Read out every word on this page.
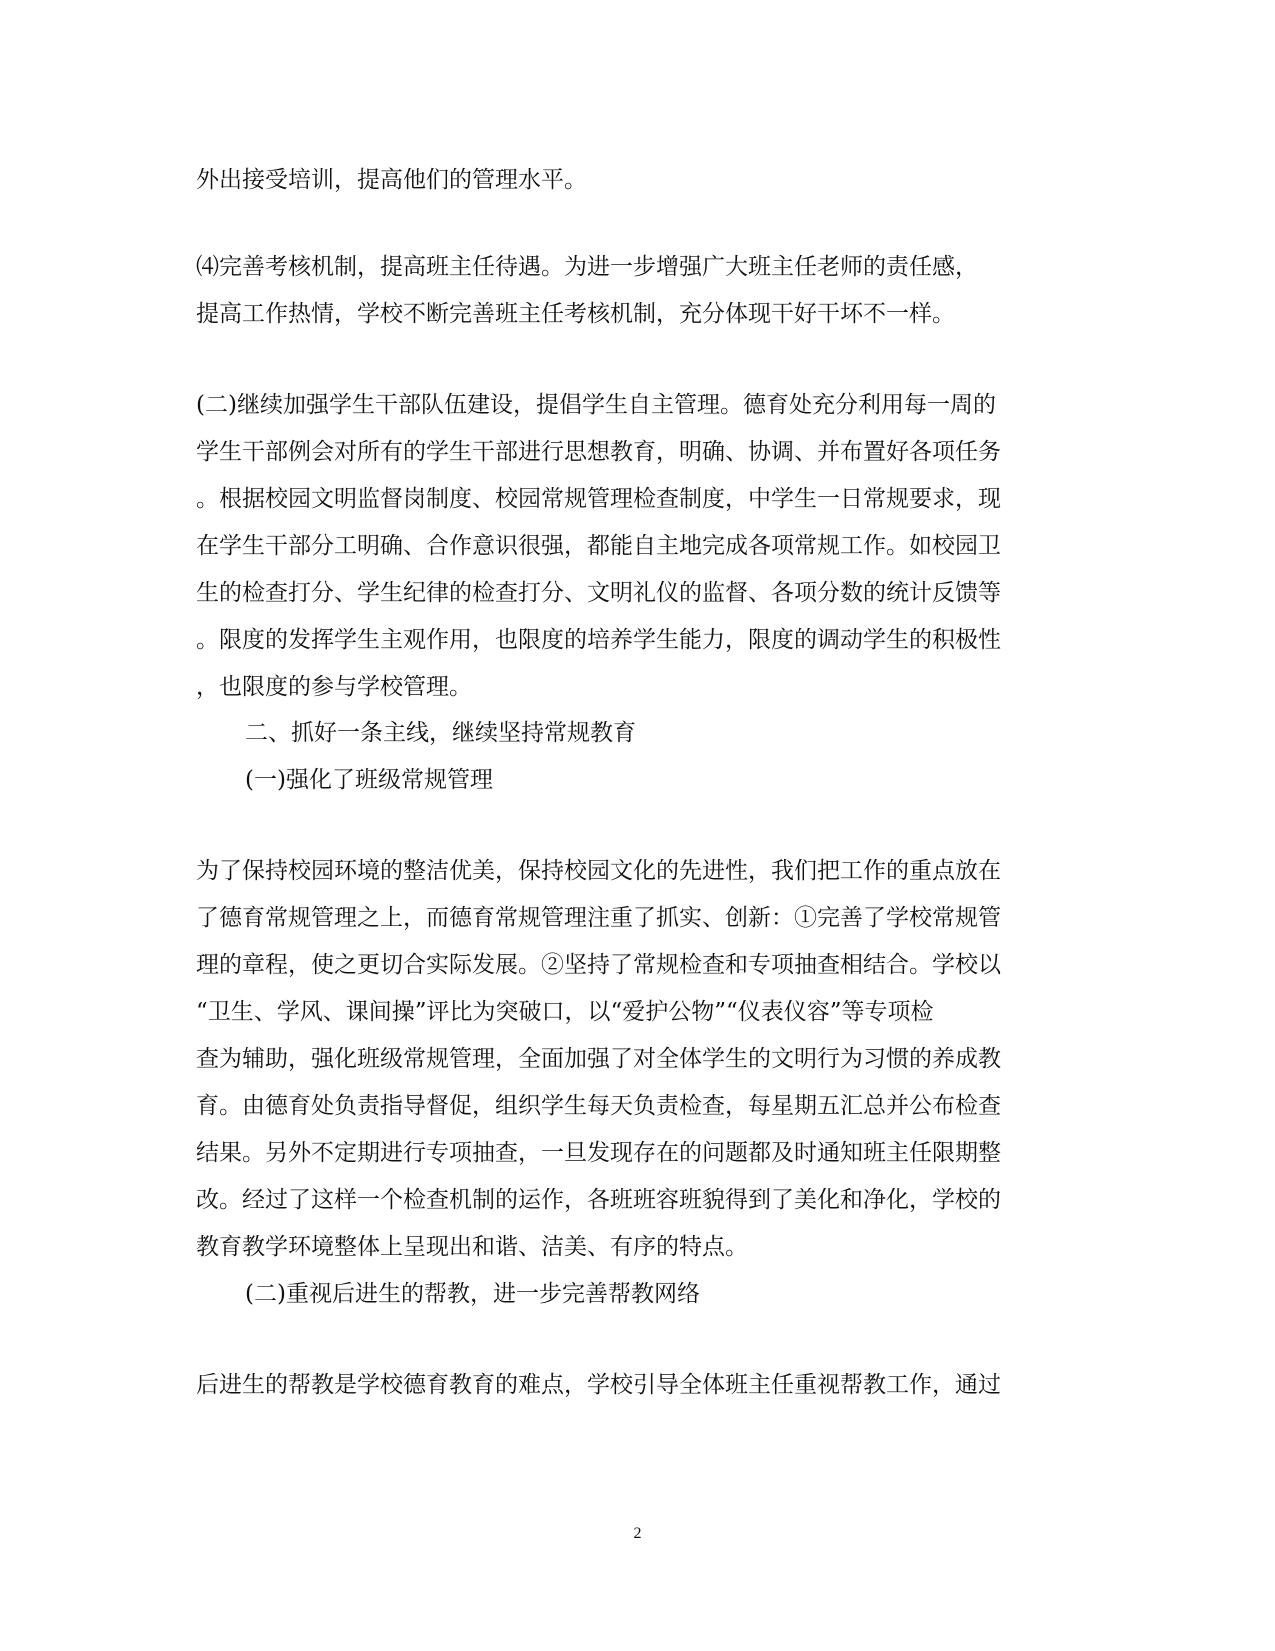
外出接受培训，提高他们的管理水平。
⑷完善考核机制，提高班主任待遇。为进一步增强广大班主任老师的责任感，
提高工作热情，学校不断完善班主任考核机制，充分体现干好干坏不一样。
(二)继续加强学生干部队伍建设，提倡学生自主管理。德育处充分利用每一周的
学生干部例会对所有的学生干部进行思想教育，明确、协调、并布置好各项任务
。根据校园文明监督岗制度、校园常规管理检查制度，中学生一日常规要求，现
在学生干部分工明确、合作意识很强，都能自主地完成各项常规工作。如校园卫
生的检查打分、学生纪律的检查打分、文明礼仪的监督、各项分数的统计反馈等
。限度的发挥学生主观作用，也限度的培养学生能力，限度的调动学生的积极性
，也限度的参与学校管理。
二、抓好一条主线，继续坚持常规教育
(一)强化了班级常规管理
为了保持校园环境的整洁优美，保持校园文化的先进性，我们把工作的重点放在
了德育常规管理之上，而德育常规管理注重了抓实、创新：①完善了学校常规管
理的章程，使之更切合实际发展。②坚持了常规检查和专项抽查相结合。学校以
“卫生、学风、课间操”评比为突破口，以“爱护公物”“仪表仪容”等专项检
查为辅助，强化班级常规管理，全面加强了对全体学生的文明行为习惯的养成教
育。由德育处负责指导督促，组织学生每天负责检查，每星期五汇总并公布检查
结果。另外不定期进行专项抽查，一旦发现存在的问题都及时通知班主任限期整
改。经过了这样一个检查机制的运作，各班班容班貌得到了美化和净化，学校的
教育教学环境整体上呈现出和谐、洁美、有序的特点。
(二)重视后进生的帮教，进一步完善帮教网络
后进生的帮教是学校德育教育的难点，学校引导全体班主任重视帮教工作，通过
2
